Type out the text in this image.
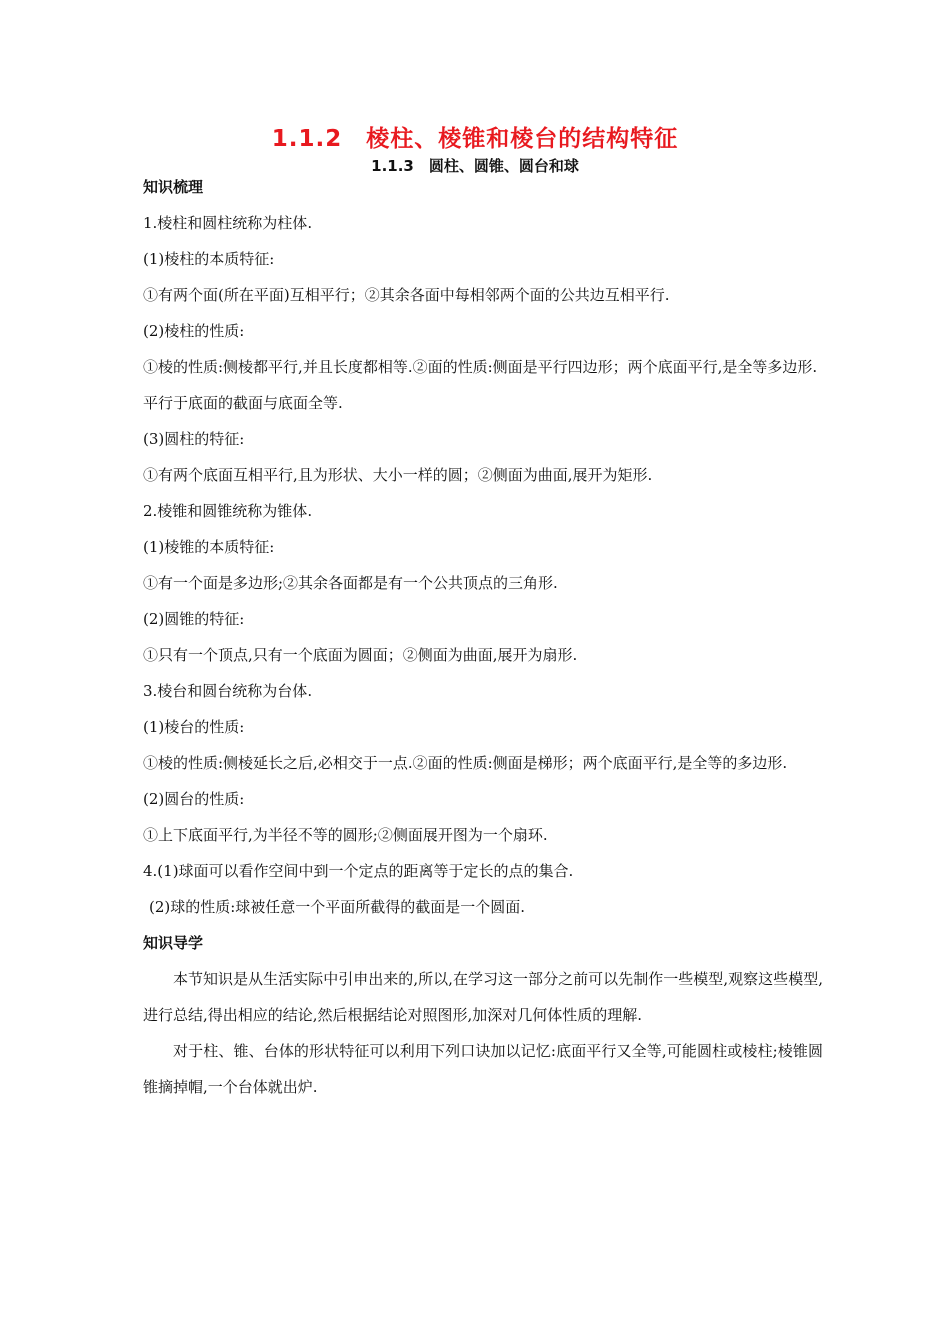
1.1.2　棱柱、棱锥和棱台的结构特征
1.1.3　圆柱、圆锥、圆台和球
知识梳理
1.棱柱和圆柱统称为柱体.
(1)棱柱的本质特征:
①有两个面(所在平面)互相平行；②其余各面中每相邻两个面的公共边互相平行.
(2)棱柱的性质:
①棱的性质:侧棱都平行,并且长度都相等.②面的性质:侧面是平行四边形；两个底面平行,是全等多边形.平行于底面的截面与底面全等.
(3)圆柱的特征:
①有两个底面互相平行,且为形状、大小一样的圆；②侧面为曲面,展开为矩形.
2.棱锥和圆锥统称为锥体.
(1)棱锥的本质特征:
①有一个面是多边形;②其余各面都是有一个公共顶点的三角形.
(2)圆锥的特征:
①只有一个顶点,只有一个底面为圆面；②侧面为曲面,展开为扇形.
3.棱台和圆台统称为台体.
(1)棱台的性质:
①棱的性质:侧棱延长之后,必相交于一点.②面的性质:侧面是梯形；两个底面平行,是全等的多边形.
(2)圆台的性质:
①上下底面平行,为半径不等的圆形;②侧面展开图为一个扇环.
4.(1)球面可以看作空间中到一个定点的距离等于定长的点的集合.
(2)球的性质:球被任意一个平面所截得的截面是一个圆面.
知识导学
本节知识是从生活实际中引申出来的,所以,在学习这一部分之前可以先制作一些模型,观察这些模型,进行总结,得出相应的结论,然后根据结论对照图形,加深对几何体性质的理解.
对于柱、锥、台体的形状特征可以利用下列口诀加以记忆:底面平行又全等,可能圆柱或棱柱;棱锥圆锥摘掉帽,一个台体就出炉.
